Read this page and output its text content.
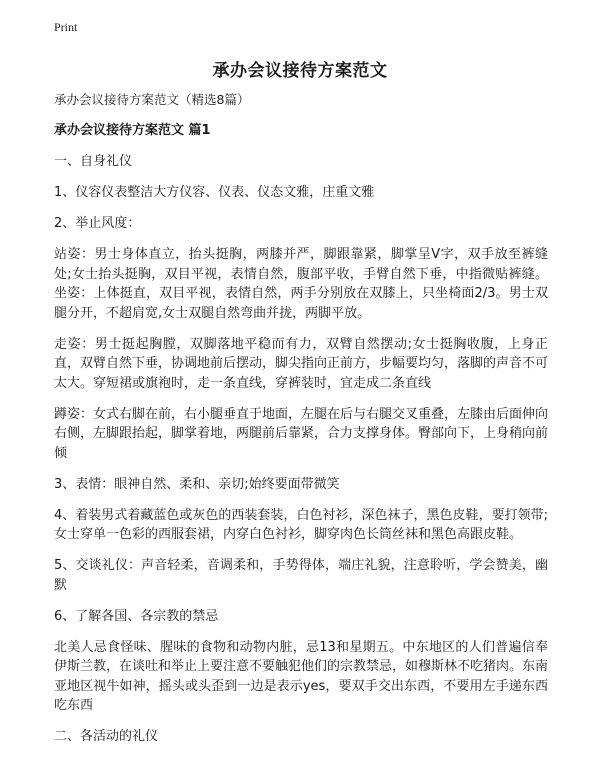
Print
承办会议接待方案范文

承办会议接待方案范文（精选8篇）

承办会议接待方案范文 篇1

一、自身礼仪

1、仪容仪表整洁大方仪容、仪表、仪态文雅，庄重文雅

2、举止风度：

站姿：男士身体直立，抬头挺胸，两膝并严，脚跟靠紧，脚掌呈V字，双手放至裤缝处;女士抬头挺胸，双目平视，表情自然，腹部平收，手臂自然下垂，中指微贴裤缝。坐姿：上体挺直，双目平视，表情自然，两手分别放在双膝上，只坐椅面2/3。男士双腿分开，不超肩宽,女士双腿自然弯曲并拢，两脚平放。

走姿：男士挺起胸膛，双脚落地平稳而有力，双臂自然摆动;女士挺胸收腹，上身正直，双臂自然下垂，协调地前后摆动，脚尖指向正前方，步幅要均匀，落脚的声音不可太大。穿短裙或旗袍时，走一条直线，穿裤装时，宜走成二条直线

蹲姿：女式右脚在前，右小腿垂直于地面，左腿在后与右腿交叉重叠，左膝由后面伸向右侧，左脚跟抬起，脚掌着地，两腿前后靠紧，合力支撑身体。臀部向下，上身稍向前倾

3、表情：眼神自然、柔和、亲切;始终要面带微笑

4、着装男式着藏蓝色或灰色的西装套装，白色衬衫，深色袜子，黑色皮鞋，要打领带;女士穿单一色彩的西服套裙，内穿白色衬衫，脚穿肉色长筒丝袜和黑色高跟皮鞋。

5、交谈礼仪：声音轻柔，音调柔和，手势得体，端庄礼貌，注意聆听，学会赞美，幽默

6、了解各国、各宗教的禁忌

北美人忌食怪味、腥味的食物和动物内脏，忌13和星期五。中东地区的人们普遍信奉伊斯兰教，在谈吐和举止上要注意不要触犯他们的宗教禁忌，如穆斯林不吃猪肉。东南亚地区视牛如神，摇头或头歪到一边是表示yes，要双手交出东西，不要用左手递东西吃东西

二、各活动的礼仪
